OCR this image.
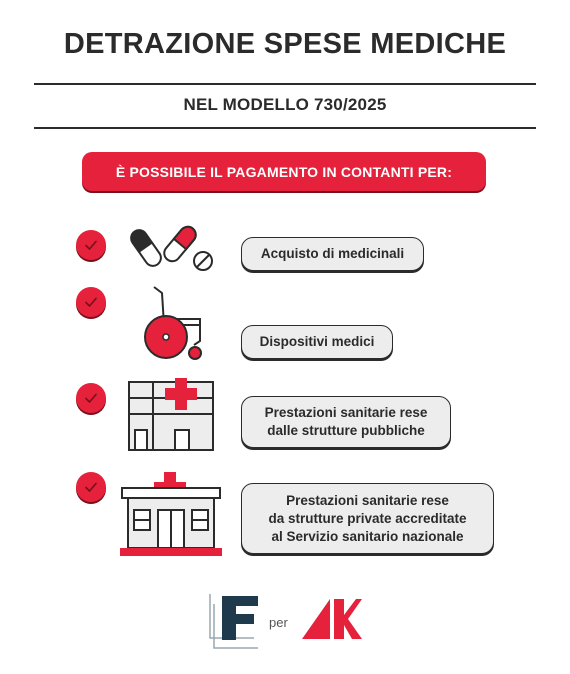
DETRAZIONE SPESE MEDICHE
NEL MODELLO 730/2025
È POSSIBILE IL PAGAMENTO IN CONTANTI PER:
Acquisto di medicinali
Dispositivi medici
Prestazioni sanitarie rese
dalle strutture pubbliche
Prestazioni sanitarie rese
da strutture private accreditate
al Servizio sanitario nazionale
per
